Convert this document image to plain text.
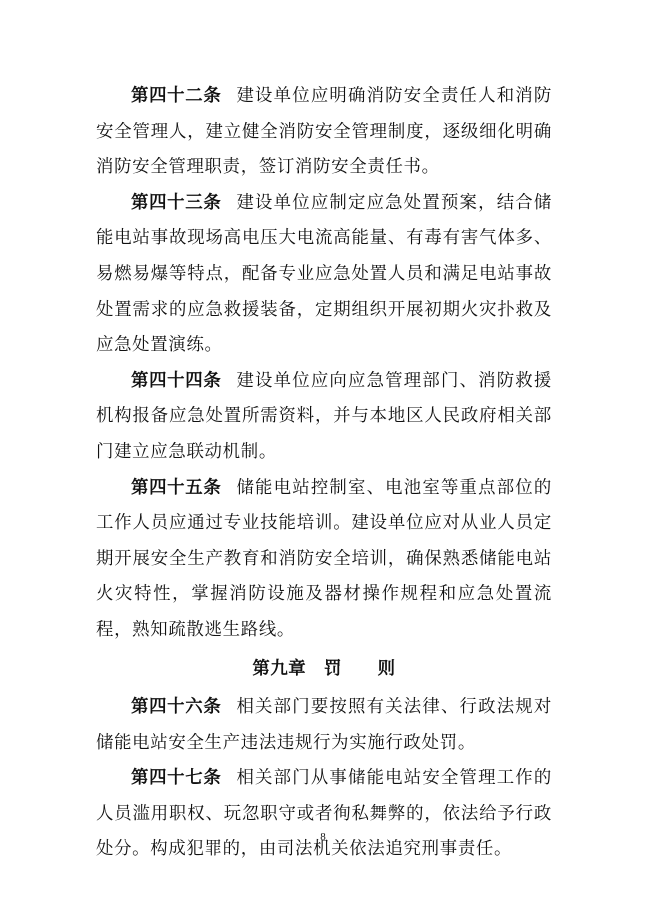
第四十二条 建设单位应明确消防安全责任人和消防安全管理人，建立健全消防安全管理制度，逐级细化明确消防安全管理职责，签订消防安全责任书。

第四十三条 建设单位应制定应急处置预案，结合储能电站事故现场高电压大电流高能量、有毒有害气体多、易燃易爆等特点，配备专业应急处置人员和满足电站事故处置需求的应急救援装备，定期组织开展初期火灾扑救及应急处置演练。

第四十四条 建设单位应向应急管理部门、消防救援机构报备应急处置所需资料，并与本地区人民政府相关部门建立应急联动机制。

第四十五条 储能电站控制室、电池室等重点部位的工作人员应通过专业技能培训。建设单位应对从业人员定期开展安全生产教育和消防安全培训，确保熟悉储能电站火灾特性，掌握消防设施及器材操作规程和应急处置流程，熟知疏散逃生路线。

第九章　罚　　则

第四十六条 相关部门要按照有关法律、行政法规对储能电站安全生产违法违规行为实施行政处罚。

第四十七条 相关部门从事储能电站安全管理工作的人员滥用职权、玩忽职守或者徇私舞弊的，依法给予行政处分。构成犯罪的，由司法机关依法追究刑事责任。

8
